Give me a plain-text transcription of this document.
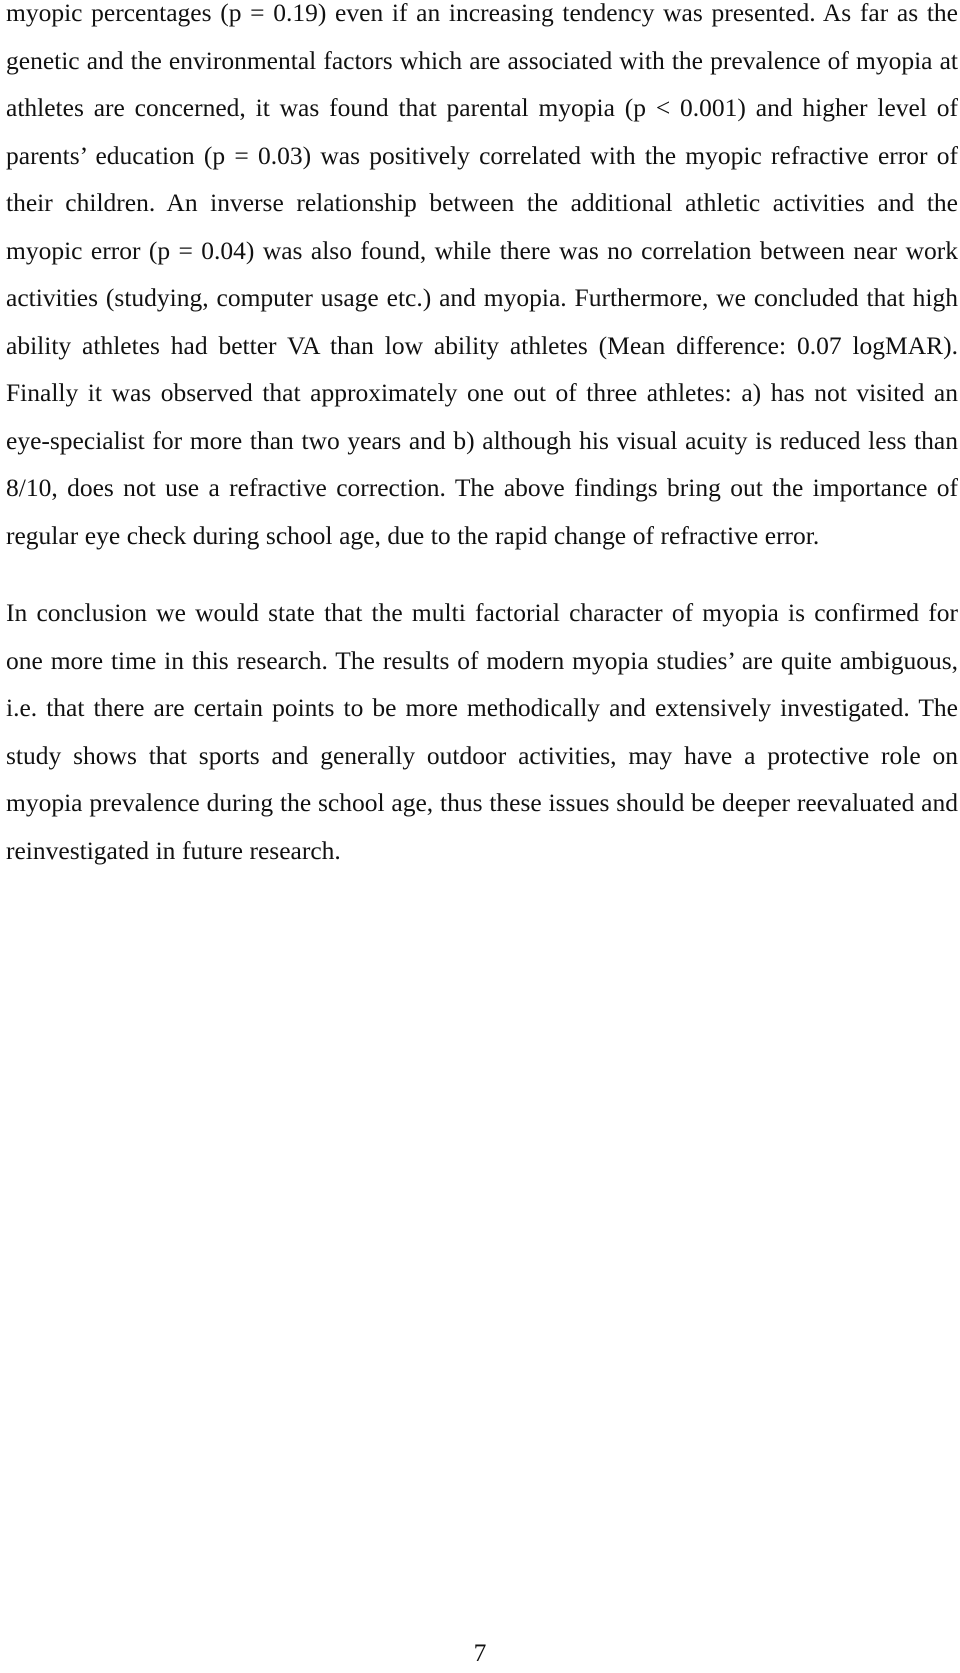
myopic percentages (p = 0.19) even if an increasing tendency was presented. As far as the genetic and the environmental factors which are associated with the prevalence of myopia at athletes are concerned, it was found that parental myopia (p < 0.001) and higher level of parents’ education (p = 0.03) was positively correlated with the myopic refractive error of their children. An inverse relationship between the additional athletic activities and the myopic error (p = 0.04) was also found, while there was no correlation between near work activities (studying, computer usage etc.) and myopia. Furthermore, we concluded that high ability athletes had better VA than low ability athletes (Mean difference: 0.07 logMAR). Finally it was observed that approximately one out of three athletes: a) has not visited an eye-specialist for more than two years and b) although his visual acuity is reduced less than 8/10, does not use a refractive correction. The above findings bring out the importance of regular eye check during school age, due to the rapid change of refractive error.

In conclusion we would state that the multi factorial character of myopia is confirmed for one more time in this research. The results of modern myopia studies’ are quite ambiguous, i.e. that there are certain points to be more methodically and extensively investigated. The study shows that sports and generally outdoor activities, may have a protective role on myopia prevalence during the school age, thus these issues should be deeper reevaluated and reinvestigated in future research.

7
